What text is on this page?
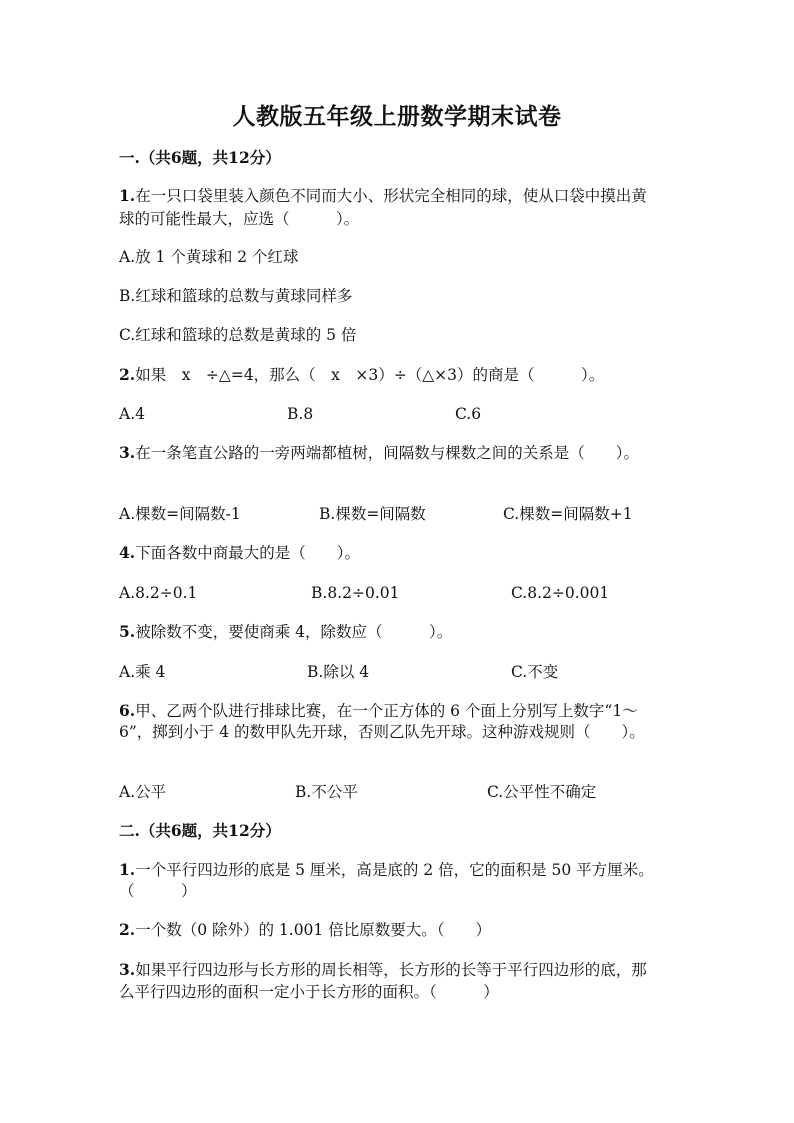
人教版五年级上册数学期末试卷
一.（共6题，共12分）
1.在一只口袋里装入颜色不同而大小、形状完全相同的球，使从口袋中摸出黄
球的可能性最大，应选（　　　）。
A.放 1 个黄球和 2 个红球
B.红球和篮球的总数与黄球同样多
C.红球和篮球的总数是黄球的 5 倍
2.如果　x　÷△=4，那么（　x　×3）÷（△×3）的商是（　　　）。
A.4	B.8	C.6
3.在一条笔直公路的一旁两端都植树，间隔数与棵数之间的关系是（　　）。
A.棵数=间隔数-1	B.棵数=间隔数	C.棵数=间隔数+1
4.下面各数中商最大的是（　　）。
A.8.2÷0.1	B.8.2÷0.01	C.8.2÷0.001
5.被除数不变，要使商乘 4，除数应（　　　）。
A.乘 4	B.除以 4	C.不变
6.甲、乙两个队进行排球比赛，在一个正方体的 6 个面上分别写上数字“1～
6”，掷到小于 4 的数甲队先开球，否则乙队先开球。这种游戏规则（　　）。
A.公平	B.不公平	C.公平性不确定
二.（共6题，共12分）
1.一个平行四边形的底是 5 厘米，高是底的 2 倍，它的面积是 50 平方厘米。
（　　　）
2.一个数（0 除外）的 1.001 倍比原数要大。（　　）
3.如果平行四边形与长方形的周长相等，长方形的长等于平行四边形的底，那
么平行四边形的面积一定小于长方形的面积。（　　　）
